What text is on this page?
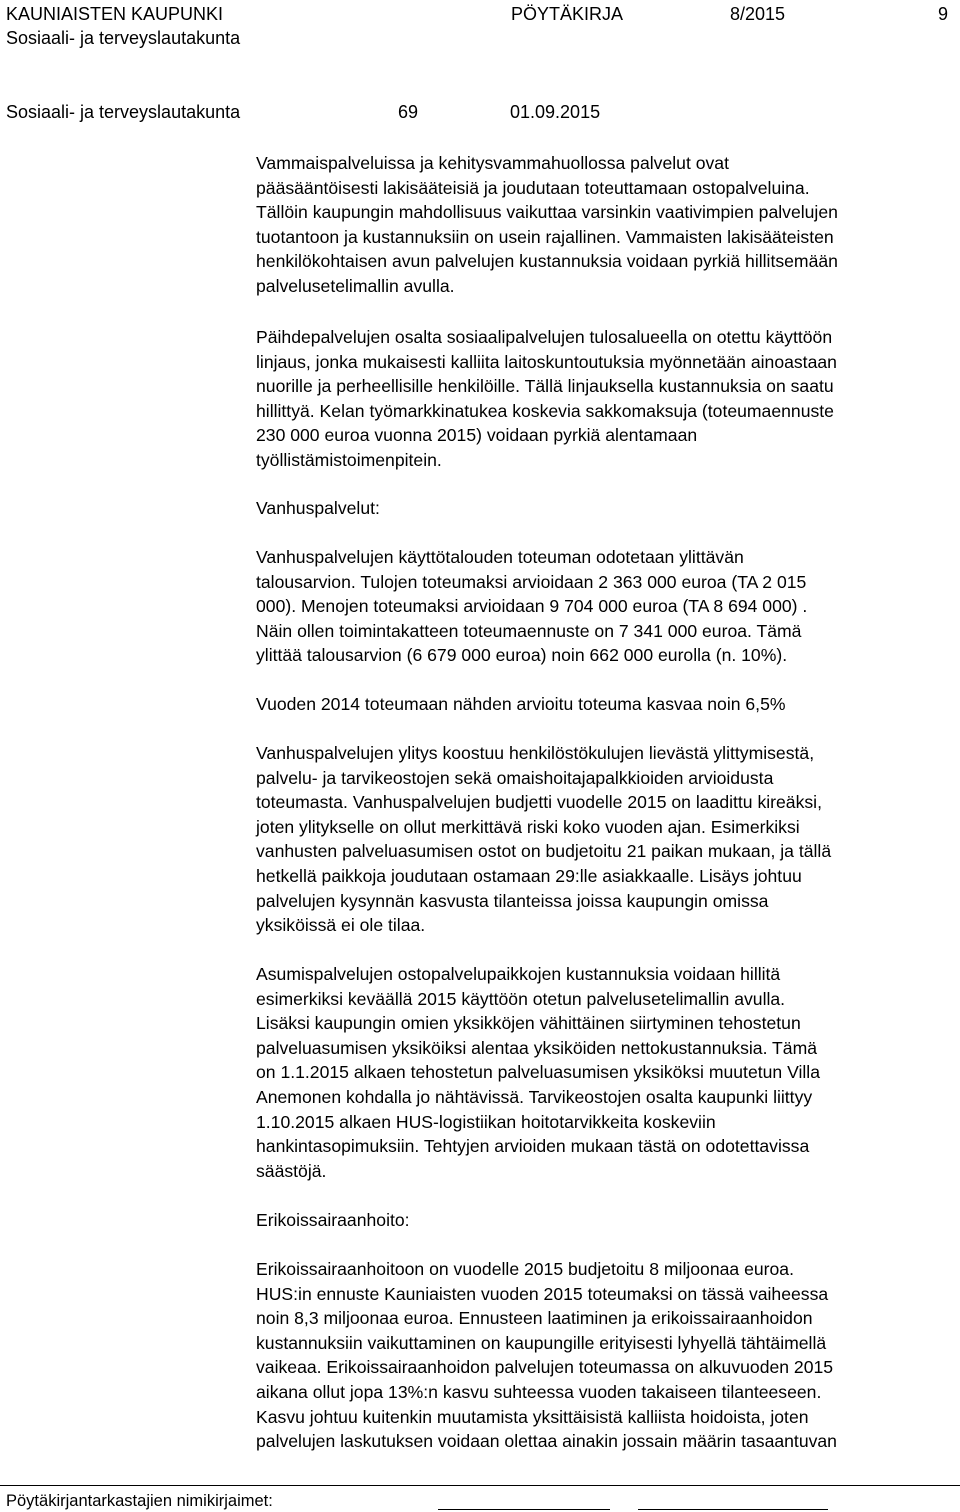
KAUNIAISTEN KAUPUNKI
Sosiaali- ja terveyslautakunta
PÖYTÄKIRJA	8/2015	9
Sosiaali- ja terveyslautakunta	69	01.09.2015
Vammaispalveluissa ja kehitysvammahuollossa palvelut ovat
pääsääntöisesti lakisääteisiä ja joudutaan toteuttamaan ostopalveluina.
Tällöin kaupungin mahdollisuus vaikuttaa varsinkin vaativimpien palvelujen
tuotantoon ja kustannuksiin on usein rajallinen. Vammaisten lakisääteisten
henkilökohtaisen avun palvelujen kustannuksia voidaan pyrkiä hillitsemään
palvelusetelimallin avulla.
Päihdepalvelujen osalta sosiaalipalvelujen tulosalueella on otettu käyttöön
linjaus, jonka mukaisesti kalliita laitoskuntoutuksia myönnetään ainoastaan
nuorille ja perheellisille henkilöille. Tällä linjauksella kustannuksia on saatu
hillittyä. Kelan työmarkkinatukea koskevia sakkomaksuja (toteumaennuste
230 000 euroa vuonna 2015) voidaan pyrkiä alentamaan
työllistämistoimenpitein.
Vanhuspalvelut:
Vanhuspalvelujen käyttötalouden toteuman odotetaan ylittävän
talousarvion. Tulojen toteumaksi arvioidaan 2 363 000 euroa (TA 2 015
000). Menojen toteumaksi arvioidaan 9 704 000 euroa (TA 8 694 000) .
Näin ollen toimintakatteen toteumaennuste on 7 341 000 euroa. Tämä
ylittää talousarvion (6 679 000 euroa) noin 662 000 eurolla (n. 10%).
Vuoden 2014 toteumaan nähden arvioitu toteuma kasvaa noin 6,5%
Vanhuspalvelujen ylitys koostuu henkilöstökulujen lievästä ylittymisestä,
palvelu- ja tarvikeostojen sekä omaishoitajapalkkioiden arvioidusta
toteumasta. Vanhuspalvelujen budjetti vuodelle 2015 on laadittu kireäksi,
joten ylitykselle on ollut merkittävä riski koko vuoden ajan. Esimerkiksi
vanhusten palveluasumisen ostot on budjetoitu 21 paikan mukaan, ja tällä
hetkellä paikkoja joudutaan ostamaan 29:lle asiakkaalle. Lisäys johtuu
palvelujen kysynnän kasvusta tilanteissa joissa kaupungin omissa
yksiköissä ei ole tilaa.
Asumispalvelujen ostopalvelupaikkojen kustannuksia voidaan hillitä
esimerkiksi keväällä 2015 käyttöön otetun palvelusetelimallin avulla.
Lisäksi kaupungin omien yksikköjen vähittäinen siirtyminen tehostetun
palveluasumisen yksiköiksi alentaa yksiköiden nettokustannuksia. Tämä
on 1.1.2015 alkaen tehostetun palveluasumisen yksiköksi muutetun Villa
Anemonen kohdalla jo nähtävissä. Tarvikeostojen osalta kaupunki liittyy
1.10.2015 alkaen HUS-logistiikan hoitotarvikkeita koskeviin
hankintasopimuksiin. Tehtyjen arvioiden mukaan tästä on odotettavissa
säästöjä.
Erikoissairaanhoito:
Erikoissairaanhoitoon on vuodelle 2015 budjetoitu 8 miljoonaa euroa.
HUS:in ennuste Kauniaisten vuoden 2015 toteumaksi on tässä vaiheessa
noin 8,3 miljoonaa euroa. Ennusteen laatiminen ja erikoissairaanhoidon
kustannuksiin vaikuttaminen on kaupungille erityisesti lyhyellä tähtäimellä
vaikeaa. Erikoissairaanhoidon palvelujen toteumassa on alkuvuoden 2015
aikana ollut jopa 13%:n kasvu suhteessa vuoden takaiseen tilanteeseen.
Kasvu johtuu kuitenkin muutamista yksittäisistä kalliista hoidoista, joten
palvelujen laskutuksen voidaan olettaa ainakin jossain määrin tasaantuvan
Pöytäkirjantarkastajien nimikirjaimet:
